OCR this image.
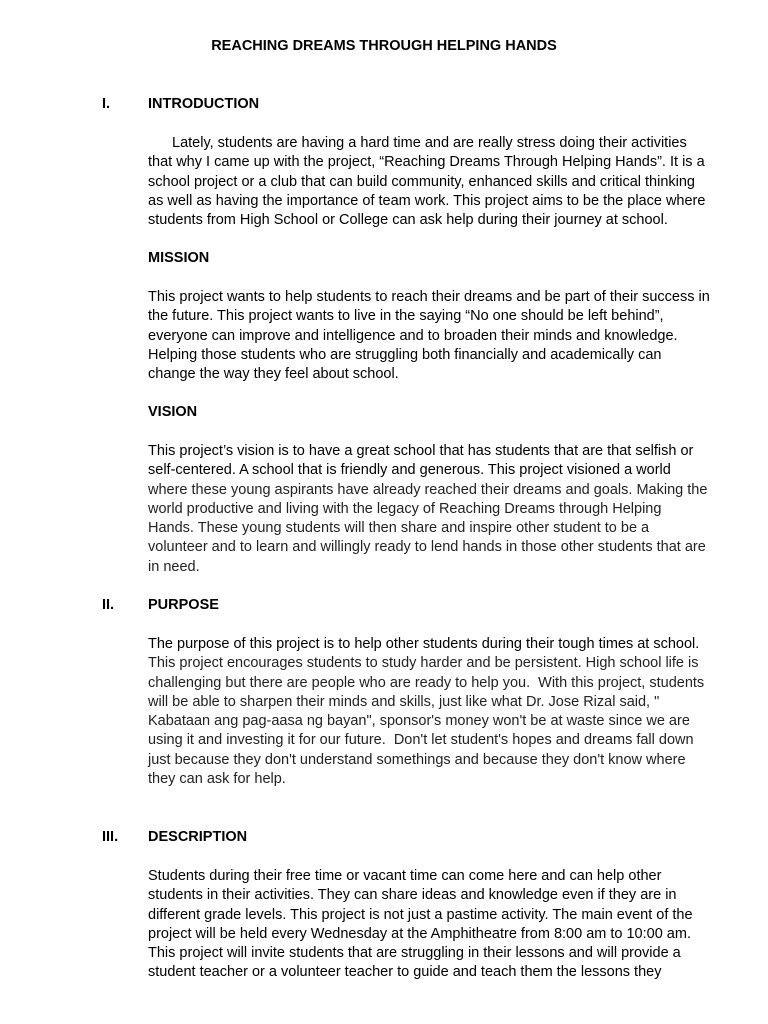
REACHING DREAMS THROUGH HELPING HANDS
I.	INTRODUCTION
Lately, students are having a hard time and are really stress doing their activities
that why I came up with the project, “Reaching Dreams Through Helping Hands”. It is a
school project or a club that can build community, enhanced skills and critical thinking
as well as having the importance of team work. This project aims to be the place where
students from High School or College can ask help during their journey at school.
MISSION
This project wants to help students to reach their dreams and be part of their success in
the future. This project wants to live in the saying “No one should be left behind”,
everyone can improve and intelligence and to broaden their minds and knowledge.
Helping those students who are struggling both financially and academically can
change the way they feel about school.
VISION
This project’s vision is to have a great school that has students that are that selfish or
self-centered. A school that is friendly and generous. This project visioned a world
where these young aspirants have already reached their dreams and goals. Making the
world productive and living with the legacy of Reaching Dreams through Helping
Hands. These young students will then share and inspire other student to be a
volunteer and to learn and willingly ready to lend hands in those other students that are
in need.
II. PURPOSE
The purpose of this project is to help other students during their tough times at school.
This project encourages students to study harder and be persistent. High school life is
challenging but there are people who are ready to help you.  With this project, students
will be able to sharpen their minds and skills, just like what Dr. Jose Rizal said, "
Kabataan ang pag-aasa ng bayan", sponsor's money won't be at waste since we are
using it and investing it for our future.  Don't let student's hopes and dreams fall down
just because they don't understand somethings and because they don't know where
they can ask for help.
III. DESCRIPTION
Students during their free time or vacant time can come here and can help other
students in their activities. They can share ideas and knowledge even if they are in
different grade levels. This project is not just a pastime activity. The main event of the
project will be held every Wednesday at the Amphitheatre from 8:00 am to 10:00 am.
This project will invite students that are struggling in their lessons and will provide a
student teacher or a volunteer teacher to guide and teach them the lessons they
